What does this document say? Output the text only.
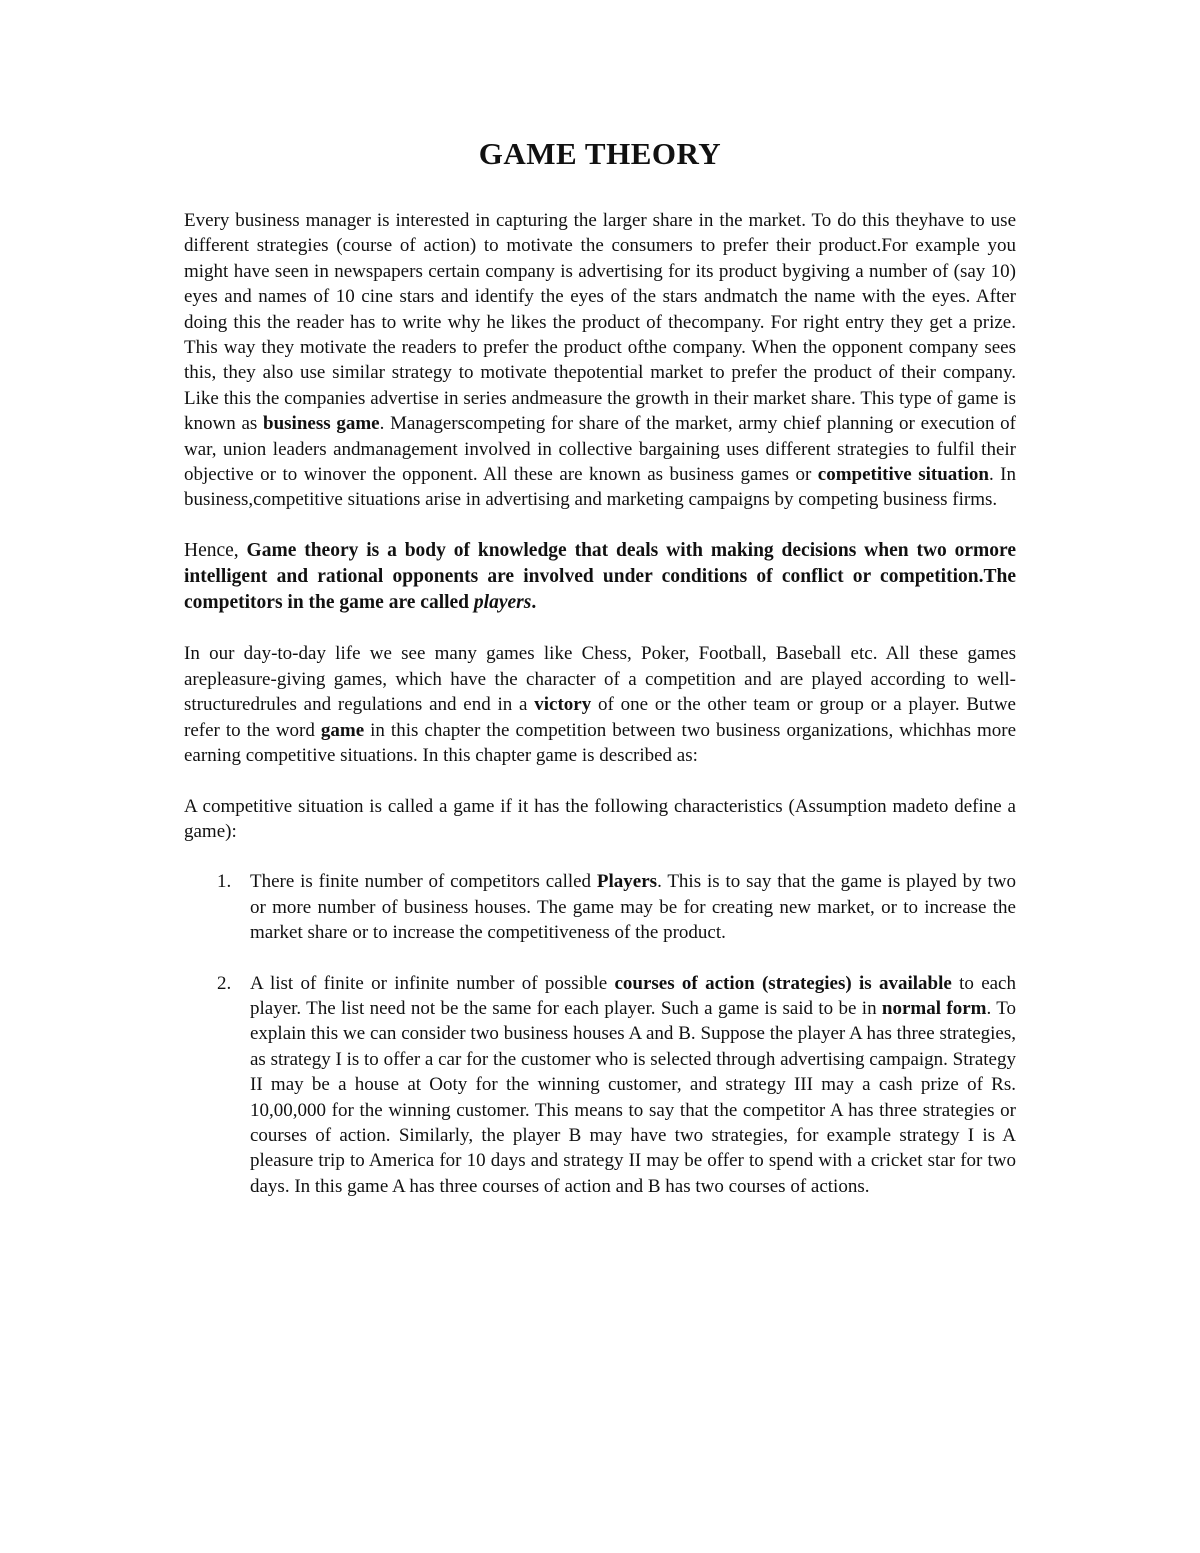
GAME THEORY

Every business manager is interested in capturing the larger share in the market. To do this theyhave to use different strategies (course of action) to motivate the consumers to prefer their product.For example you might have seen in newspapers certain company is advertising for its product bygiving a number of (say 10) eyes and names of 10 cine stars and identify the eyes of the stars andmatch the name with the eyes. After doing this the reader has to write why he likes the product of thecompany. For right entry they get a prize. This way they motivate the readers to prefer the product ofthe company. When the opponent company sees this, they also use similar strategy to motivate thepotential market to prefer the product of their company. Like this the companies advertise in series andmeasure the growth in their market share. This type of game is known as business game. Managerscompeting for share of the market, army chief planning or execution of war, union leaders andmanagement involved in collective bargaining uses different strategies to fulfil their objective or to winover the opponent. All these are known as business games or competitive situation. In business,competitive situations arise in advertising and marketing campaigns by competing business firms.

Hence, Game theory is a body of knowledge that deals with making decisions when two ormore intelligent and rational opponents are involved under conditions of conflict or competition.The competitors in the game are called players.

In our day-to-day life we see many games like Chess, Poker, Football, Baseball etc. All these games arepleasure-giving games, which have the character of a competition and are played according to well-structuredrules and regulations and end in a victory of one or the other team or group or a player. Butwe refer to the word game in this chapter the competition between two business organizations, whichhas more earning competitive situations. In this chapter game is described as:

A competitive situation is called a game if it has the following characteristics (Assumption madeto define a game):

1. There is finite number of competitors called Players. This is to say that the game is played by two or more number of business houses. The game may be for creating new market, or to increase the market share or to increase the competitiveness of the product.

2. A list of finite or infinite number of possible courses of action (strategies) is available to each player. The list need not be the same for each player. Such a game is said to be in normal form. To explain this we can consider two business houses A and B. Suppose the player A has three strategies, as strategy I is to offer a car for the customer who is selected through advertising campaign. Strategy II may be a house at Ooty for the winning customer, and strategy III may a cash prize of Rs. 10,00,000 for the winning customer. This means to say that the competitor A has three strategies or courses of action. Similarly, the player B may have two strategies, for example strategy I is A pleasure trip to America for 10 days and strategy II may be offer to spend with a cricket star for two days. In this game A has three courses of action and B has two courses of actions.
